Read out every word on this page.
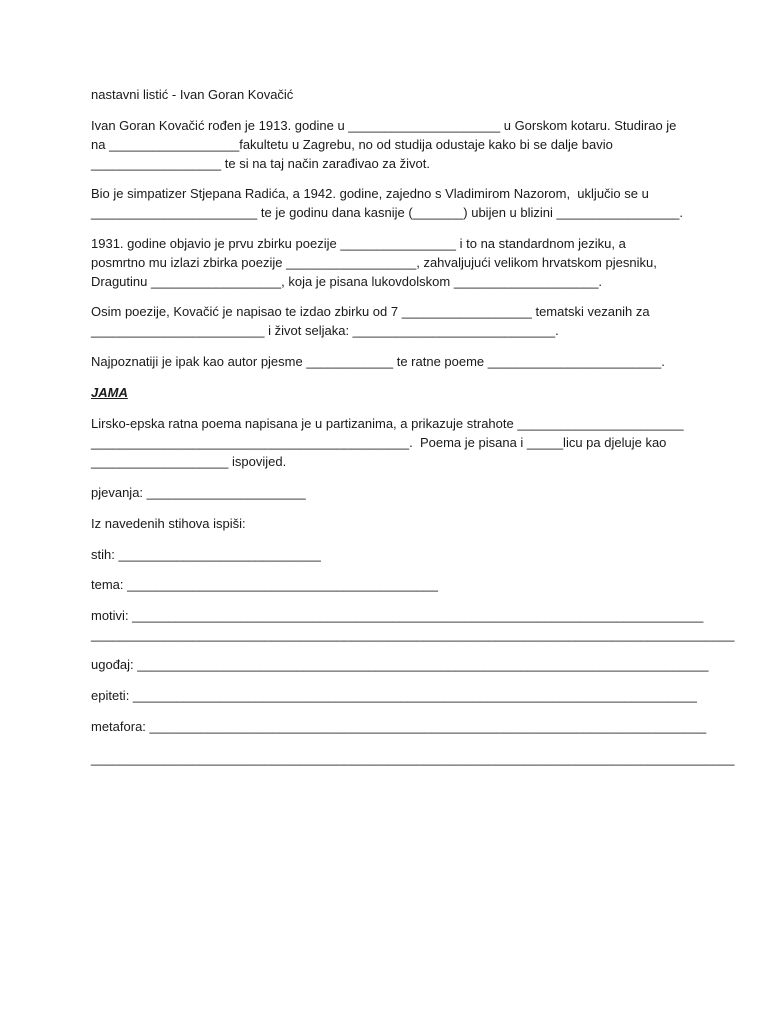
nastavni listić - Ivan Goran Kovačić
Ivan Goran Kovačić rođen je 1913. godine u _____________________ u Gorskom kotaru. Studirao je
na __________________fakultetu u Zagrebu, no od studija odustaje kako bi se dalje bavio
__________________ te si na taj način zarađivao za život.
Bio je simpatizer Stjepana Radića, a 1942. godine, zajedno s Vladimirom Nazorom,  uključio se u
_______________________ te je godinu dana kasnije (_______) ubijen u blizini _________________.
1931. godine objavio je prvu zbirku poezije ________________ i to na standardnom jeziku, a
posmrtno mu izlazi zbirka poezije __________________, zahvaljujući velikom hrvatskom pjesniku,
Dragutinu __________________, koja je pisana lukovdolskom ____________________.
Osim poezije, Kovačić je napisao te izdao zbirku od 7 __________________ tematski vezanih za
________________________ i život seljaka: ____________________________.
Najpoznatiji je ipak kao autor pjesme ____________ te ratne poeme ________________________.
JAMA
Lirsko-epska ratna poema napisana je u partizanima, a prikazuje strahote _______________________
____________________________________________.  Poema je pisana i _____licu pa djeluje kao
___________________ ispovijed.
pjevanja: ______________________
Iz navedenih stihova ispiši:
stih: ____________________________
tema: ___________________________________________
motivi: _______________________________________________________________________________
_________________________________________________________________________________________
ugođaj: _______________________________________________________________________________
epiteti: ______________________________________________________________________________
metafora: _____________________________________________________________________________
_________________________________________________________________________________________
